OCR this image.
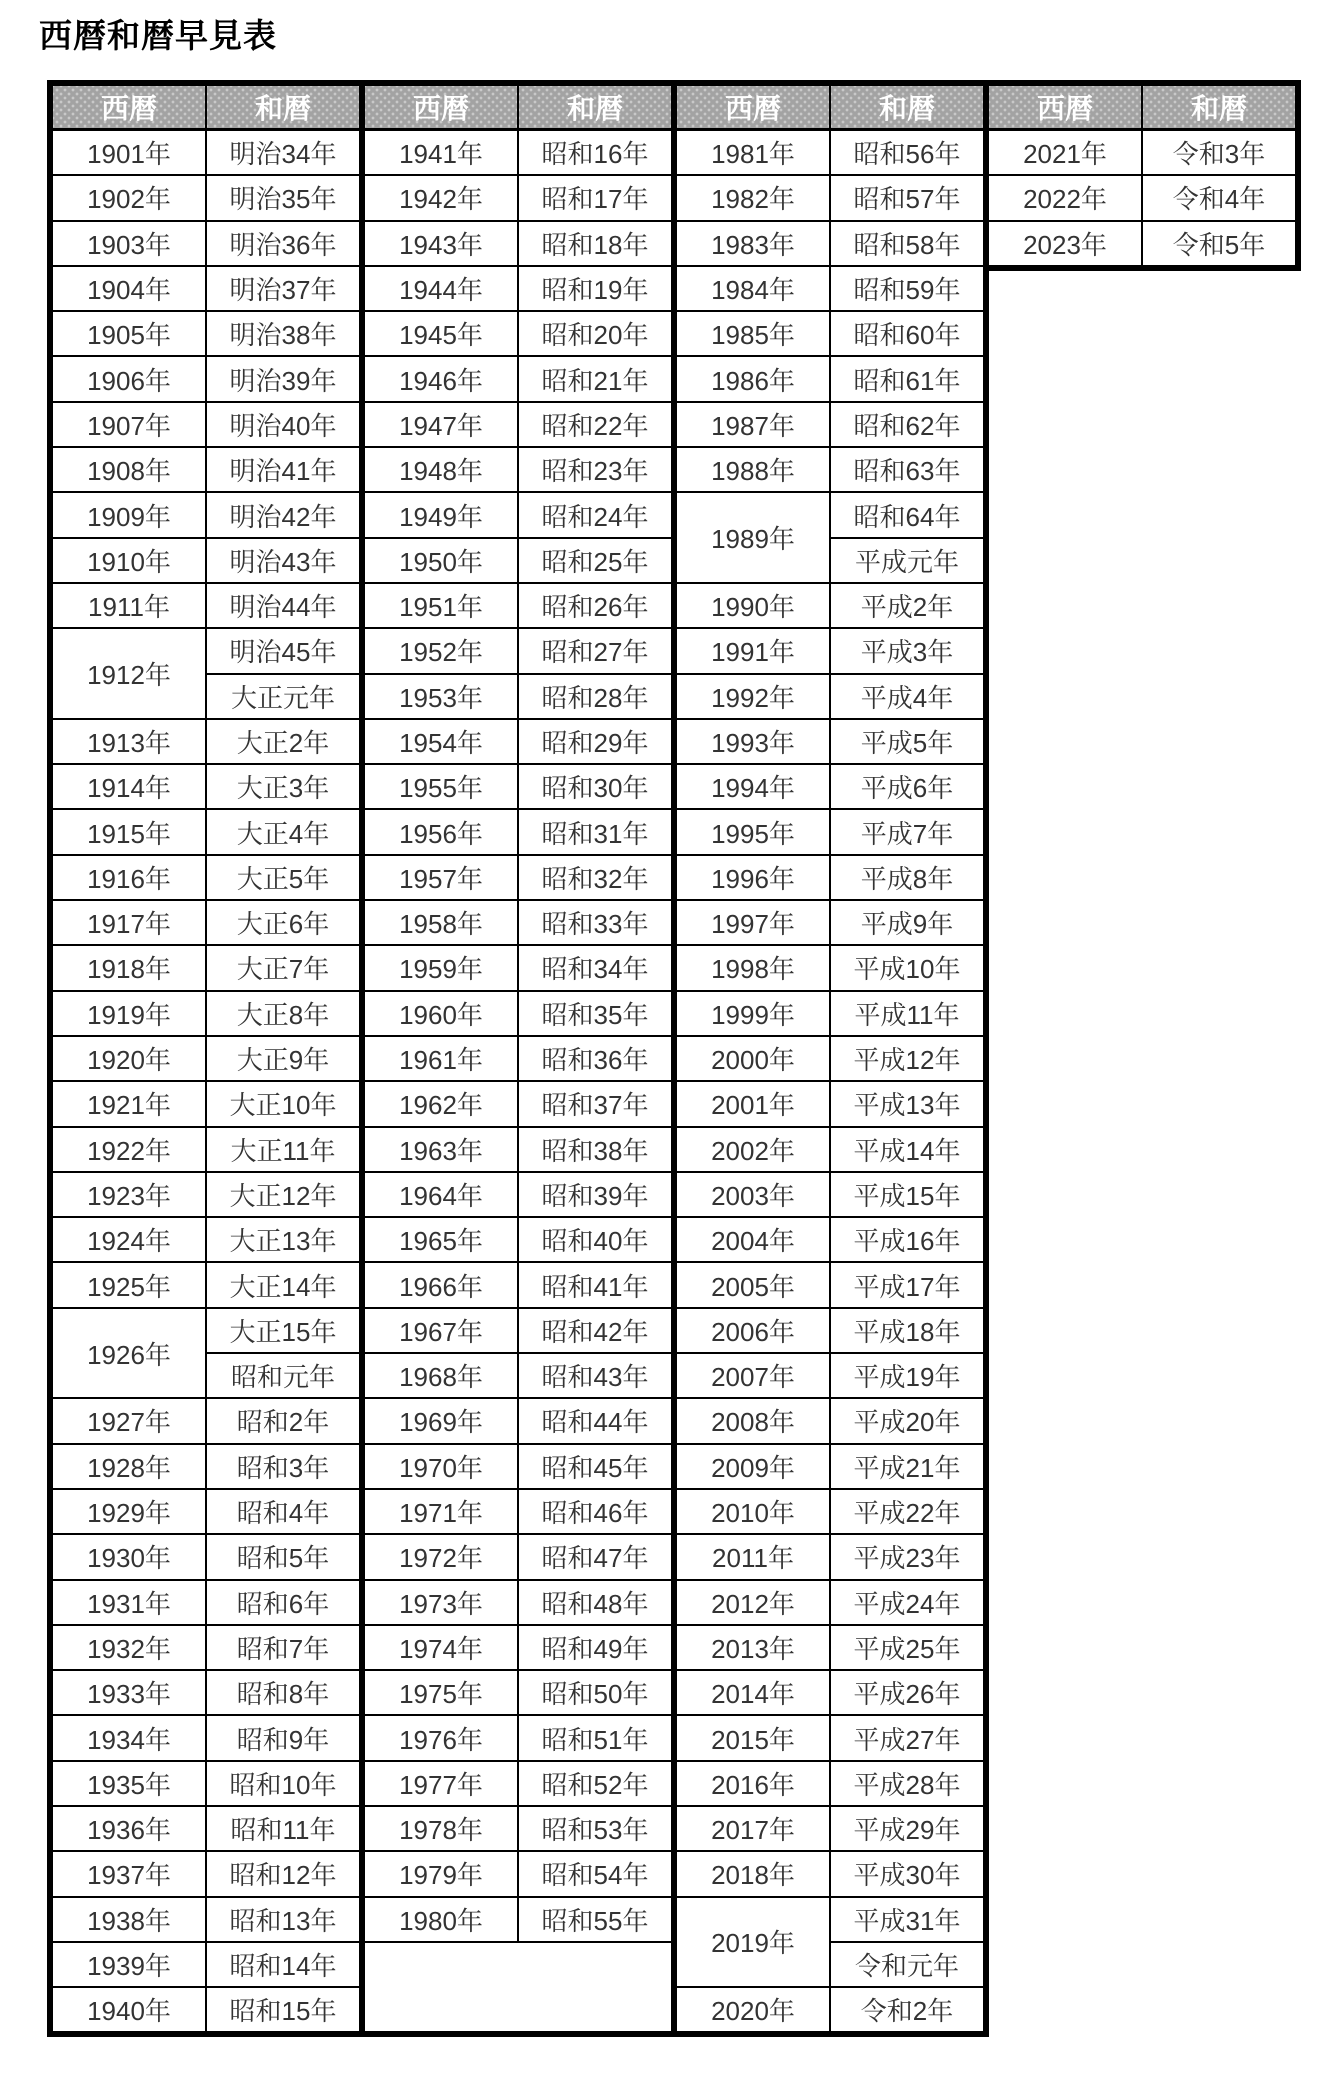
西暦和暦早見表
西暦	和暦
1901年	明治34年
1902年	明治35年
1903年	明治36年
1904年	明治37年
1905年	明治38年
1906年	明治39年
1907年	明治40年
1908年	明治41年
1909年	明治42年
1910年	明治43年
1911年	明治44年
1912年	明治45年
	大正元年
1913年	大正2年
1914年	大正3年
1915年	大正4年
1916年	大正5年
1917年	大正6年
1918年	大正7年
1919年	大正8年
1920年	大正9年
1921年	大正10年
1922年	大正11年
1923年	大正12年
1924年	大正13年
1925年	大正14年
1926年	大正15年
	昭和元年
1927年	昭和2年
1928年	昭和3年
1929年	昭和4年
1930年	昭和5年
1931年	昭和6年
1932年	昭和7年
1933年	昭和8年
1934年	昭和9年
1935年	昭和10年
1936年	昭和11年
1937年	昭和12年
1938年	昭和13年
1939年	昭和14年
1940年	昭和15年
西暦	和暦
1941年	昭和16年
1942年	昭和17年
1943年	昭和18年
1944年	昭和19年
1945年	昭和20年
1946年	昭和21年
1947年	昭和22年
1948年	昭和23年
1949年	昭和24年
1950年	昭和25年
1951年	昭和26年
1952年	昭和27年
1953年	昭和28年
1954年	昭和29年
1955年	昭和30年
1956年	昭和31年
1957年	昭和32年
1958年	昭和33年
1959年	昭和34年
1960年	昭和35年
1961年	昭和36年
1962年	昭和37年
1963年	昭和38年
1964年	昭和39年
1965年	昭和40年
1966年	昭和41年
1967年	昭和42年
1968年	昭和43年
1969年	昭和44年
1970年	昭和45年
1971年	昭和46年
1972年	昭和47年
1973年	昭和48年
1974年	昭和49年
1975年	昭和50年
1976年	昭和51年
1977年	昭和52年
1978年	昭和53年
1979年	昭和54年
1980年	昭和55年

西暦	和暦
1981年	昭和56年
1982年	昭和57年
1983年	昭和58年
1984年	昭和59年
1985年	昭和60年
1986年	昭和61年
1987年	昭和62年
1988年	昭和63年
1989年	昭和64年
	平成元年
1990年	平成2年
1991年	平成3年
1992年	平成4年
1993年	平成5年
1994年	平成6年
1995年	平成7年
1996年	平成8年
1997年	平成9年
1998年	平成10年
1999年	平成11年
2000年	平成12年
2001年	平成13年
2002年	平成14年
2003年	平成15年
2004年	平成16年
2005年	平成17年
2006年	平成18年
2007年	平成19年
2008年	平成20年
2009年	平成21年
2010年	平成22年
2011年	平成23年
2012年	平成24年
2013年	平成25年
2014年	平成26年
2015年	平成27年
2016年	平成28年
2017年	平成29年
2018年	平成30年
2019年	平成31年
	令和元年
2020年	令和2年
西暦	和暦
2021年	令和3年
2022年	令和4年
2023年	令和5年
